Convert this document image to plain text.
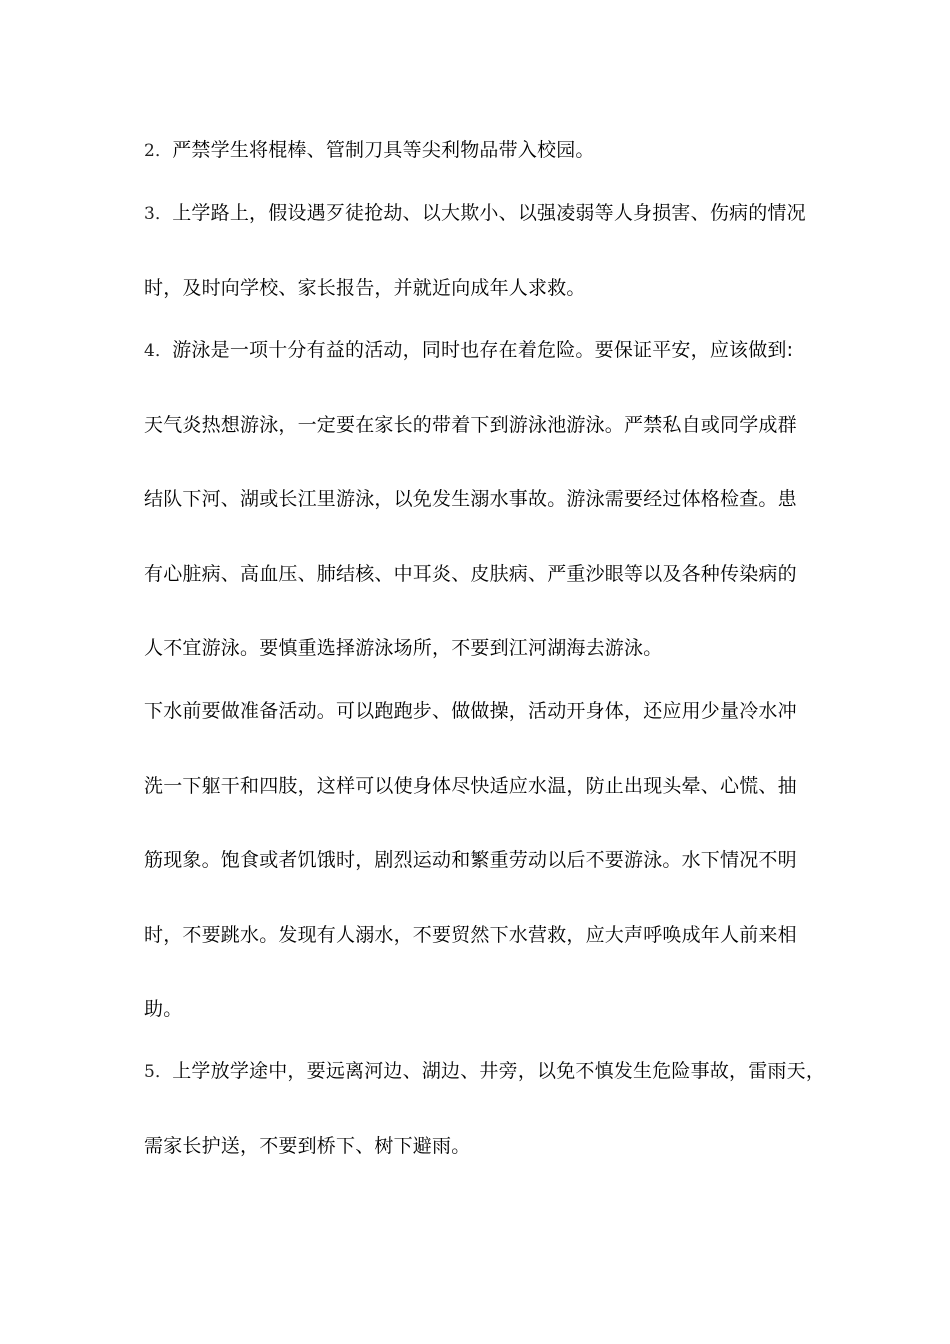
2．严禁学生将棍棒、管制刀具等尖利物品带入校园。
3．上学路上，假设遇歹徒抢劫、以大欺小、以强凌弱等人身损害、伤病的情况
时，及时向学校、家长报告，并就近向成年人求救。
4．游泳是一项十分有益的活动，同时也存在着危险。要保证平安，应该做到:
天气炎热想游泳，一定要在家长的带着下到游泳池游泳。严禁私自或同学成群
结队下河、湖或长江里游泳，以免发生溺水事故。游泳需要经过体格检查。患
有心脏病、高血压、肺结核、中耳炎、皮肤病、严重沙眼等以及各种传染病的
人不宜游泳。要慎重选择游泳场所，不要到江河湖海去游泳。
下水前要做准备活动。可以跑跑步、做做操，活动开身体，还应用少量冷水冲
洗一下躯干和四肢，这样可以使身体尽快适应水温，防止出现头晕、心慌、抽
筋现象。饱食或者饥饿时，剧烈运动和繁重劳动以后不要游泳。水下情况不明
时，不要跳水。发现有人溺水，不要贸然下水营救，应大声呼唤成年人前来相
助。
5．上学放学途中，要远离河边、湖边、井旁，以免不慎发生危险事故，雷雨天，
需家长护送，不要到桥下、树下避雨。
